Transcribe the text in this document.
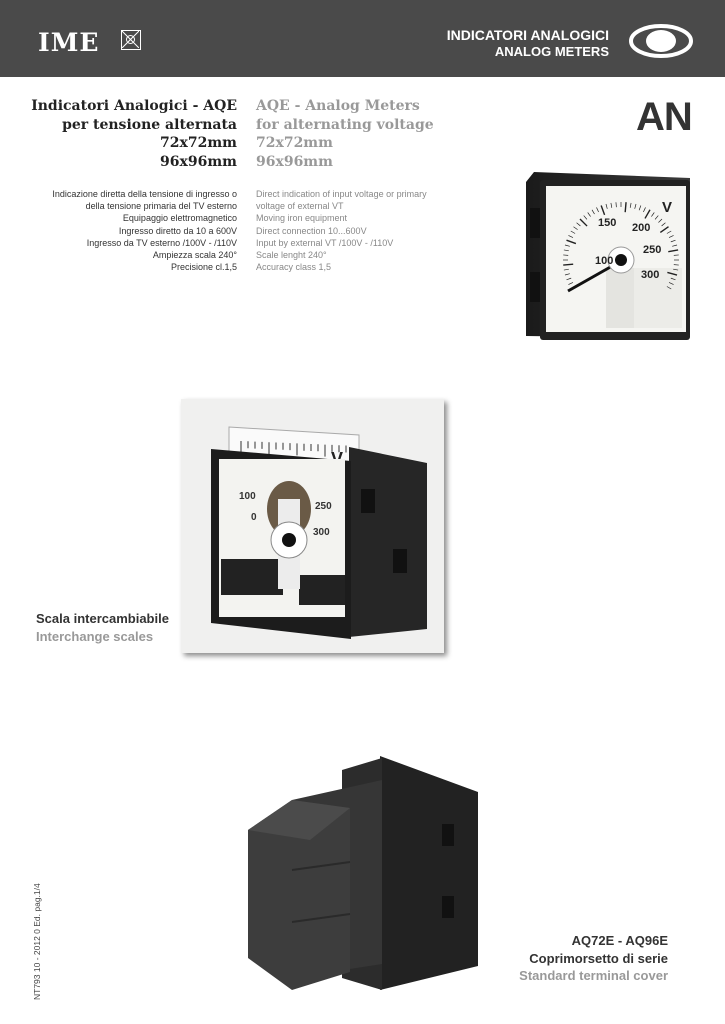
IME	INDICATORI ANALOGICI
ANALOG METERS
Indicatori Analogici - AQE
per tensione alternata
72x72mm
96x96mm
AQE - Analog Meters
for alternating voltage
72x72mm
96x96mm
AN
Indicazione diretta della tensione di ingresso o
della tensione primaria del TV esterno
Equipaggio elettromagnetico
Ingresso diretto da 10 a 600V
Ingresso da TV esterno /100V - /110V
Ampiezza scala 240°
Precisione cl.1,5
Direct indication of input voltage or primary
voltage of external VT
Moving iron equipment
Direct connection 10...600V
Input by external VT /100V - /110V
Scale lenght 240°
Accuracy class 1,5
100
150 200
250
300
V
100
0
250
300
Scala intercambiabile
Interchange scales
AQ72E - AQ96E
Coprimorsetto di serie
Standard terminal cover
NT793 10 - 2012 0 Ed. pag.1/4
